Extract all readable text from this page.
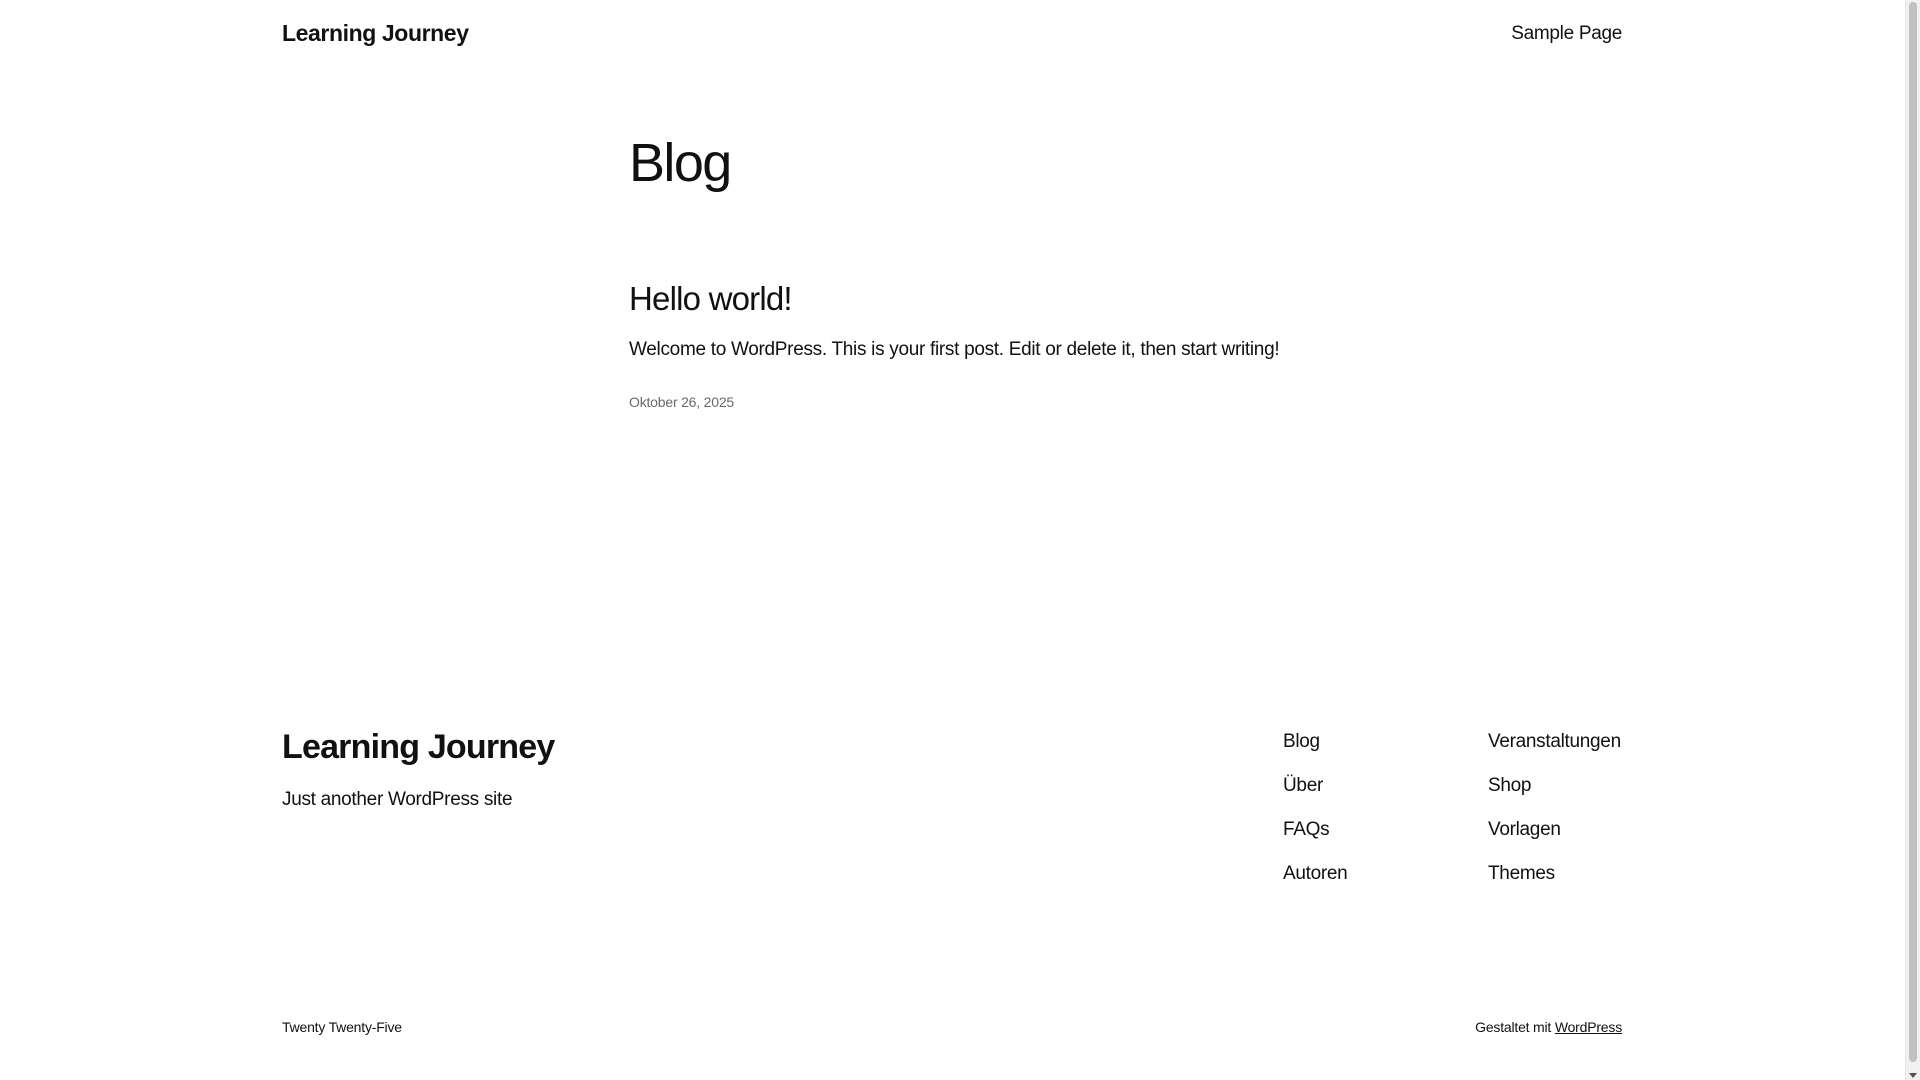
Learning Journey	Sample Page
Blog
Hello world!

Welcome to WordPress. This is your first post. Edit or delete it, then start writing!

Oktober 26, 2025
Learning Journey

Just another WordPress site

Blog
Über
FAQs
Autoren
Veranstaltungen
Shop
Vorlagen
Themes
Twenty Twenty-Five	Gestaltet mit WordPress
